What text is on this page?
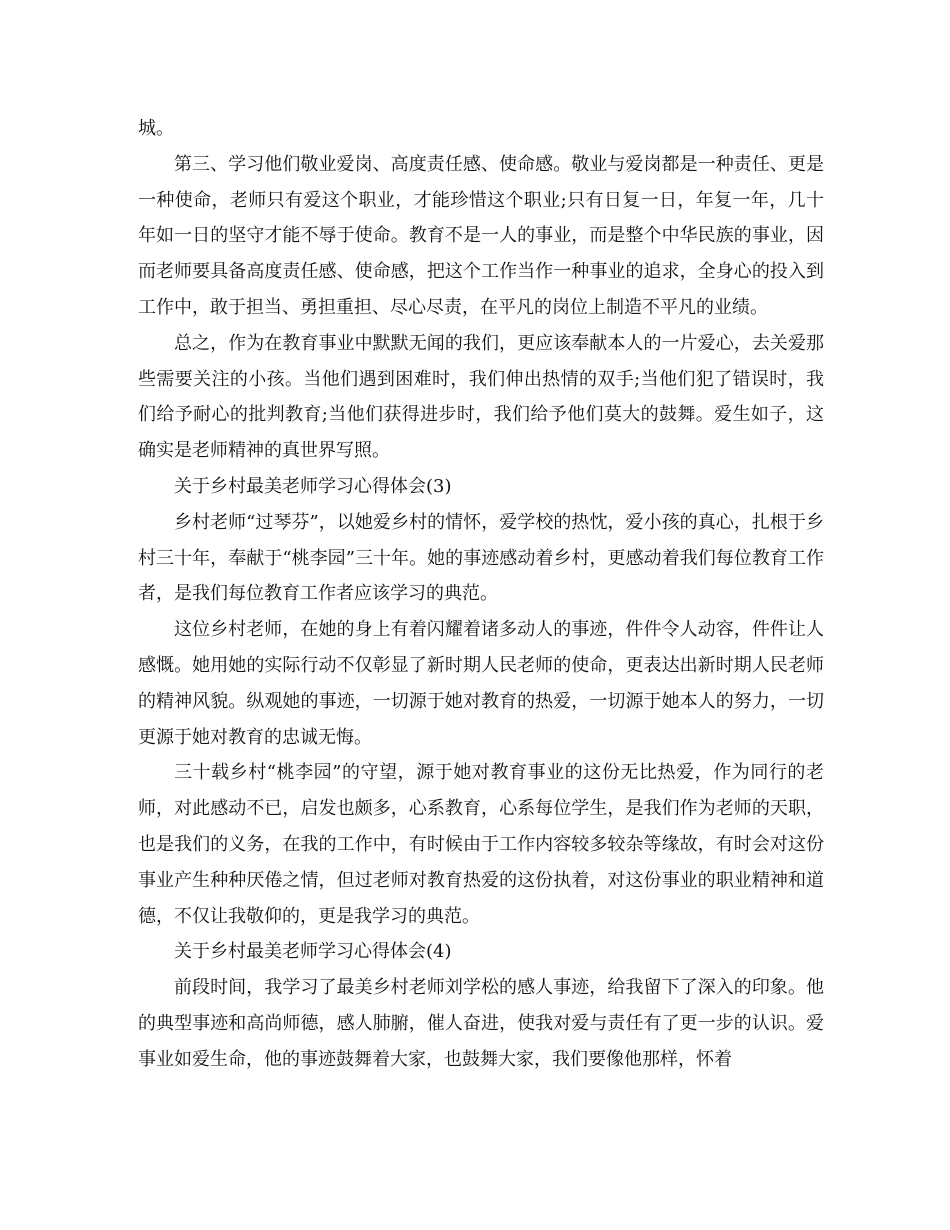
城。

第三、学习他们敬业爱岗、高度责任感、使命感。敬业与爱岗都是一种责任、更是一种使命，老师只有爱这个职业，才能珍惜这个职业;只有日复一日，年复一年，几十年如一日的坚守才能不辱于使命。教育不是一人的事业，而是整个中华民族的事业，因而老师要具备高度责任感、使命感，把这个工作当作一种事业的追求，全身心的投入到工作中，敢于担当、勇担重担、尽心尽责，在平凡的岗位上制造不平凡的业绩。

总之，作为在教育事业中默默无闻的我们，更应该奉献本人的一片爱心，去关爱那些需要关注的小孩。当他们遇到困难时，我们伸出热情的双手;当他们犯了错误时，我们给予耐心的批判教育;当他们获得进步时，我们给予他们莫大的鼓舞。爱生如子，这确实是老师精神的真世界写照。

关于乡村最美老师学习心得体会(3)

乡村老师“过琴芬”，以她爱乡村的情怀，爱学校的热忱，爱小孩的真心，扎根于乡村三十年，奉献于“桃李园”三十年。她的事迹感动着乡村，更感动着我们每位教育工作者，是我们每位教育工作者应该学习的典范。

这位乡村老师，在她的身上有着闪耀着诸多动人的事迹，件件令人动容，件件让人感慨。她用她的实际行动不仅彰显了新时期人民老师的使命，更表达出新时期人民老师的精神风貌。纵观她的事迹，一切源于她对教育的热爱，一切源于她本人的努力，一切更源于她对教育的忠诚无悔。

三十载乡村“桃李园”的守望，源于她对教育事业的这份无比热爱，作为同行的老师，对此感动不已，启发也颇多，心系教育，心系每位学生，是我们作为老师的天职，也是我们的义务，在我的工作中，有时候由于工作内容较多较杂等缘故，有时会对这份事业产生种种厌倦之情，但过老师对教育热爱的这份执着，对这份事业的职业精神和道德，不仅让我敬仰的，更是我学习的典范。

关于乡村最美老师学习心得体会(4)

前段时间，我学习了最美乡村老师刘学松的感人事迹，给我留下了深入的印象。他的典型事迹和高尚师德，感人肺腑，催人奋进，使我对爱与责任有了更一步的认识。爱事业如爱生命，他的事迹鼓舞着大家，也鼓舞大家，我们要像他那样，怀着
